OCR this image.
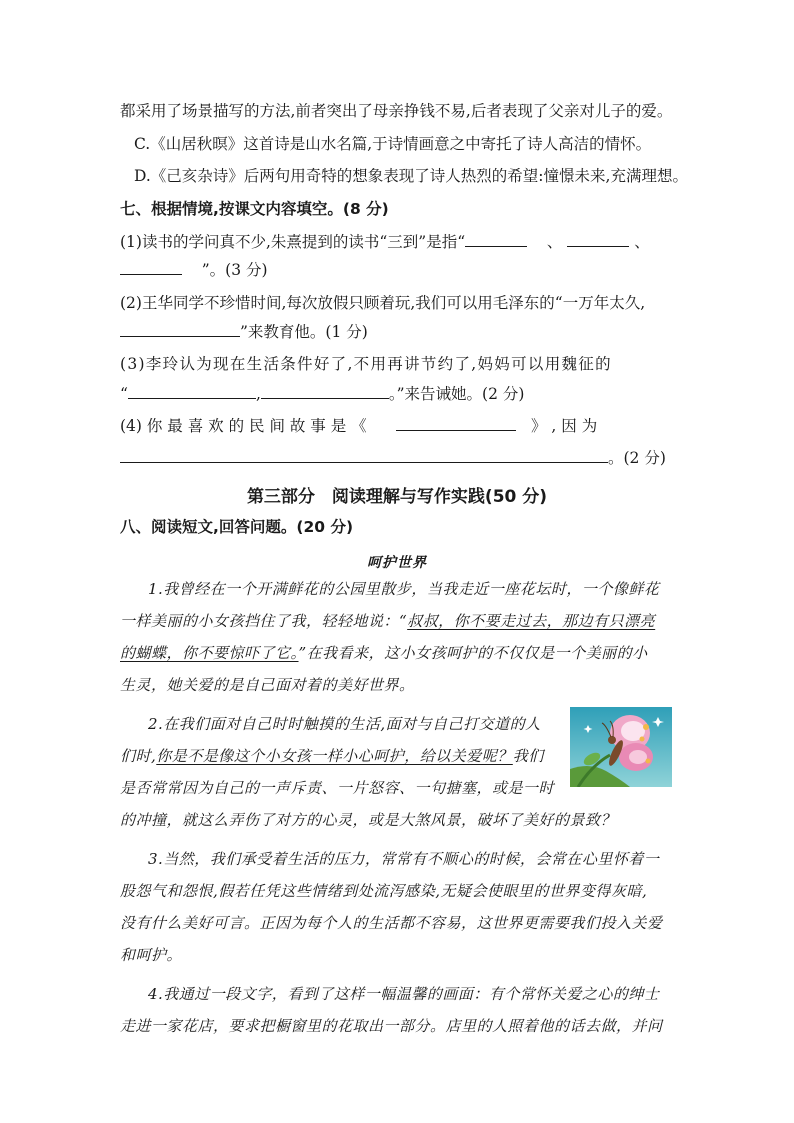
都采用了场景描写的方法,前者突出了母亲挣钱不易,后者表现了父亲对儿子的爱。
C.《山居秋暝》这首诗是山水名篇,于诗情画意之中寄托了诗人高洁的情怀。
D.《己亥杂诗》后两句用奇特的想象表现了诗人热烈的希望:憧憬未来,充满理想。
七、根据情境,按课文内容填空。(8 分)
(1)读书的学问真不少,朱熹提到的读书“三到”是指“	、	、
”。(3 分)
(2)王华同学不珍惜时间,每次放假只顾着玩,我们可以用毛泽东的“一万年太久,
”来教育他。(1 分)
(3)李玲认为现在生活条件好了,不用再讲节约了,妈妈可以用魏征的
“	,	。”来告诫她。(2 分)
(4) 你 最 喜 欢 的 民 间 故 事 是 《	》 , 因 为
。(2 分)
第三部分　阅读理解与写作实践(50 分)
八、阅读短文,回答问题。(20 分)
呵护世界

1.我曾经在一个开满鲜花的公园里散步，当我走近一座花坛时，一个像鲜花

一样美丽的小女孩挡住了我，轻轻地说：“叔叔，你不要走过去，那边有只漂亮

的蝴蝶，你不要惊吓了它。”在我看来，这小女孩呵护的不仅仅是一个美丽的小

生灵，她关爱的是自己面对着的美好世界。

2.在我们面对自己时时触摸的生活,面对与自己打交道的人

们时,你是不是像这个小女孩一样小心呵护，给以关爱呢？我们

是否常常因为自己的一声斥责、一片怒容、一句搪塞，或是一时

的冲撞，就这么弄伤了对方的心灵，或是大煞风景，破坏了美好的景致？

3.当然，我们承受着生活的压力，常常有不顺心的时候，会常在心里怀着一

股怨气和怨恨,假若任凭这些情绪到处流泻感染,无疑会使眼里的世界变得灰暗,

没有什么美好可言。正因为每个人的生活都不容易，这世界更需要我们投入关爱

和呵护。

4.我通过一段文字，看到了这样一幅温馨的画面：有个常怀关爱之心的绅士

走进一家花店，要求把橱窗里的花取出一部分。店里的人照着他的话去做，并问
